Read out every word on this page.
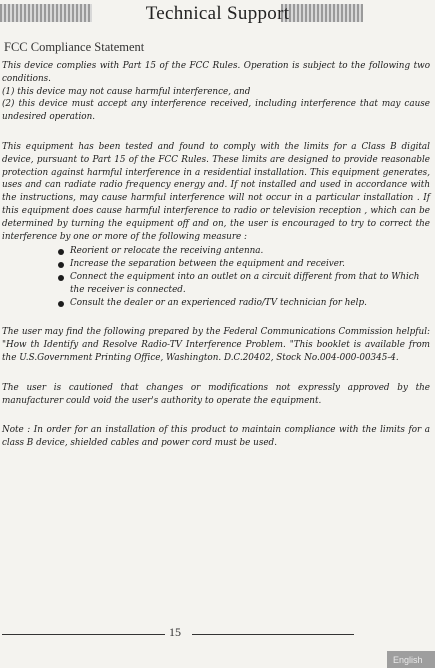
Technical Support
FCC Compliance Statement

This device complies with Part 15 of the FCC Rules. Operation is subject to the following two conditions.

(1) this device may not cause harmful interference, and

(2) this device must accept any interference received, including interference that may cause undesired operation.

This equipment has been tested and found to comply with the limits for a Class B digital device, pursuant to Part 15 of the FCC Rules. These limits are designed to provide reasonable protection against harmful interference in a residential installation. This equipment generates, uses and can radiate radio frequency energy and. If not installed and used in accordance with the instructions, may cause harmful interference will not occur in a particular installation . If this equipment does cause harmful interference to radio or television reception , which can be determined by turning the equipment off and on, the user is encouraged to try to correct the interference by one or more of the following measure :

Reorient or relocate the receiving antenna.
Increase the separation between the equipment and receiver.
Connect the equipment into an outlet on a circuit different from that to Which the receiver is connected.
Consult the dealer or an experienced radio/TV technician for help.

The user may find the following prepared by the Federal Communications Commission helpful: "How th Identify and Resolve Radio-TV Interference Problem. "This booklet is available from the U.S.Government Printing Office, Washington. D.C.20402, Stock No.004-000-00345-4.

The user is cautioned that changes or modifications not expressly approved by the manufacturer could void the user's authority to operate the equipment.

Note : In order for an installation of this product to maintain compliance with the limits for a class B device, shielded cables and power cord must be used.

15
English
